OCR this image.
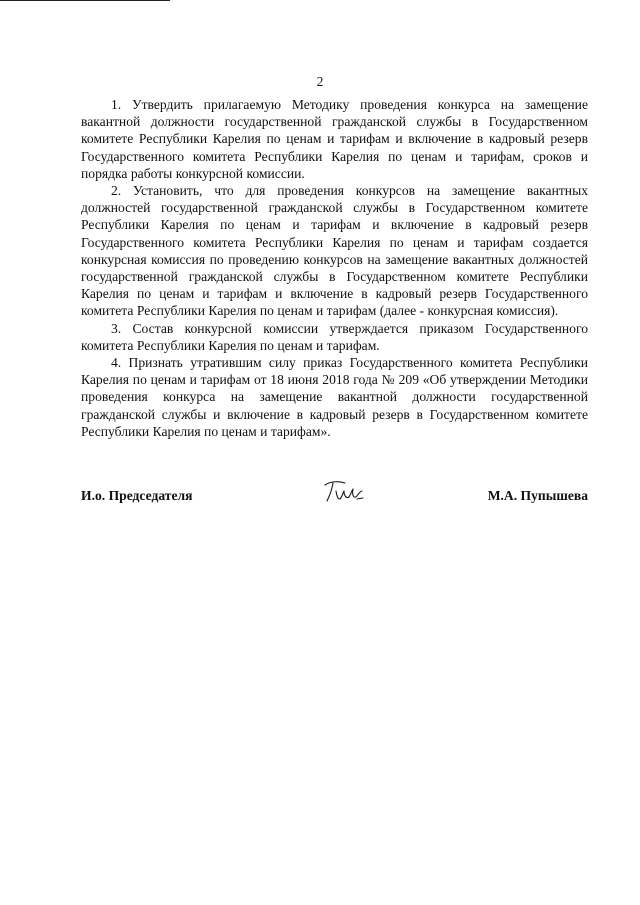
2

1. Утвердить прилагаемую Методику проведения конкурса на замещение вакантной должности государственной гражданской службы в Государственном комитете Республики Карелия по ценам и тарифам и включение в кадровый резерв Государственного комитета Республики Карелия по ценам и тарифам, сроков и порядка работы конкурсной комиссии.

2. Установить, что для проведения конкурсов на замещение вакантных должностей государственной гражданской службы в Государственном комитете Республики Карелия по ценам и тарифам и включение в кадровый резерв Государственного комитета Республики Карелия по ценам и тарифам создается конкурсная комиссия по проведению конкурсов на замещение вакантных должностей государственной гражданской службы в Государственном комитете Республики Карелия по ценам и тарифам и включение в кадровый резерв Государственного комитета Республики Карелия по ценам и тарифам (далее - конкурсная комиссия).

3. Состав конкурсной комиссии утверждается приказом Государственного комитета Республики Карелия по ценам и тарифам.

4. Признать утратившим силу приказ Государственного комитета Республики Карелия по ценам и тарифам от 18 июня 2018 года № 209 «Об утверждении Методики проведения конкурса на замещение вакантной должности государственной гражданской службы и включение в кадровый резерв в Государственном комитете Республики Карелия по ценам и тарифам».

И.о. Председателя	М.А. Пупышева
